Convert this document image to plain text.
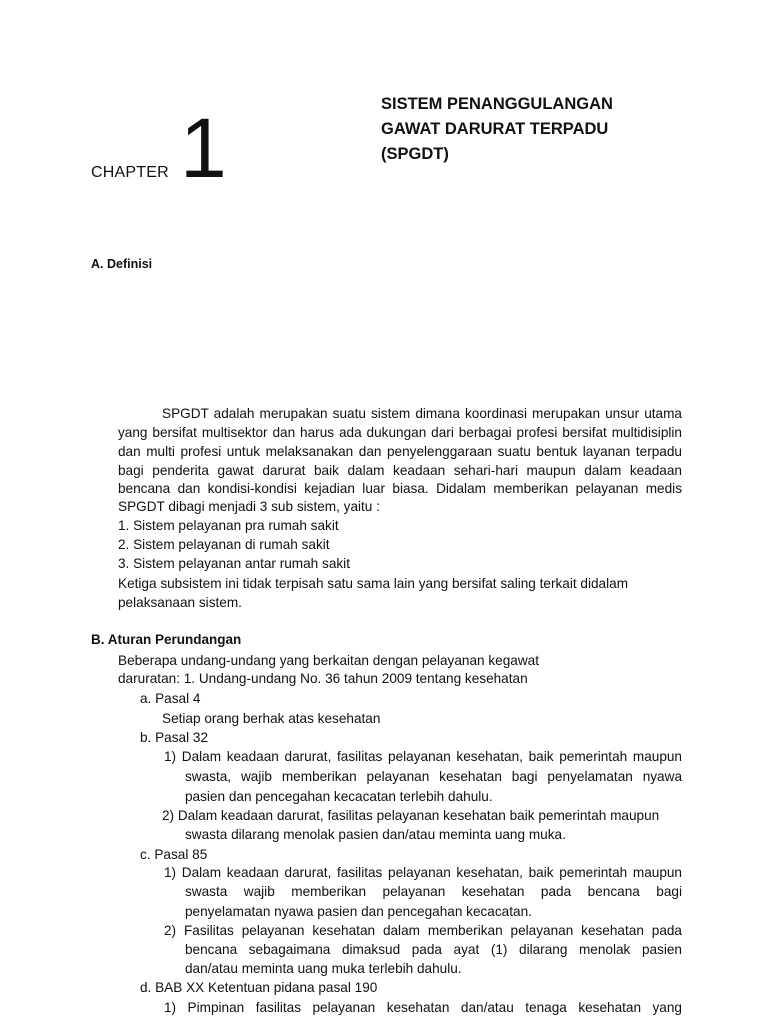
CHAPTER 1	SISTEM PENANGGULANGAN
GAWAT DARURAT TERPADU
(SPGDT)
A. Definisi
SPGDT adalah merupakan suatu sistem dimana koordinasi merupakan unsur utama
yang bersifat multisektor dan harus ada dukungan dari berbagai profesi bersifat multidisiplin
dan multi profesi untuk melaksanakan dan penyelenggaraan suatu bentuk layanan terpadu
bagi penderita gawat darurat baik dalam keadaan sehari-hari maupun dalam keadaan
bencana dan kondisi-kondisi kejadian luar biasa. Didalam memberikan pelayanan medis
SPGDT dibagi menjadi 3 sub sistem, yaitu :
1. Sistem pelayanan pra rumah sakit
2. Sistem pelayanan di rumah sakit
3. Sistem pelayanan antar rumah sakit
Ketiga subsistem ini tidak terpisah satu sama lain yang bersifat saling terkait didalam
pelaksanaan sistem.
B. Aturan Perundangan
Beberapa undang-undang yang berkaitan dengan pelayanan kegawat
daruratan: 1. Undang-undang No. 36 tahun 2009 tentang kesehatan
a. Pasal 4
Setiap orang berhak atas kesehatan
b. Pasal 32
1) Dalam keadaan darurat, fasilitas pelayanan kesehatan, baik pemerintah maupun
swasta, wajib memberikan pelayanan kesehatan bagi penyelamatan nyawa
pasien dan pencegahan kecacatan terlebih dahulu.
2) Dalam keadaan darurat, fasilitas pelayanan kesehatan baik pemerintah maupun
swasta dilarang menolak pasien dan/atau meminta uang muka.
c. Pasal 85
1) Dalam keadaan darurat, fasilitas pelayanan kesehatan, baik pemerintah maupun
swasta wajib memberikan pelayanan kesehatan pada bencana bagi
penyelamatan nyawa pasien dan pencegahan kecacatan.
2) Fasilitas pelayanan kesehatan dalam memberikan pelayanan kesehatan pada
bencana sebagaimana dimaksud pada ayat (1) dilarang menolak pasien
dan/atau meminta uang muka terlebih dahulu.
d. BAB XX Ketentuan pidana pasal 190
1) Pimpinan fasilitas pelayanan kesehatan dan/atau tenaga kesehatan yang
